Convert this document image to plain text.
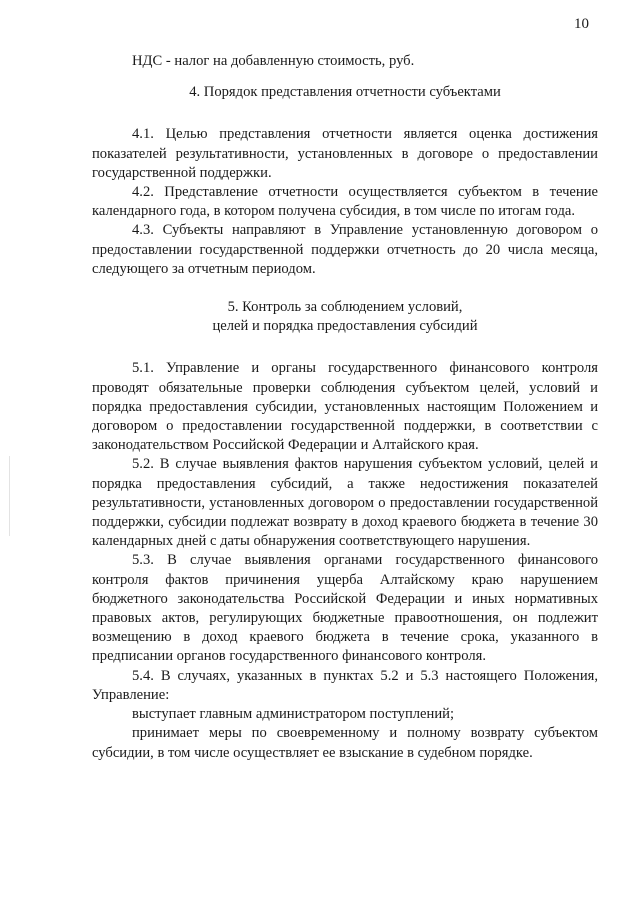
10
НДС - налог на добавленную стоимость, руб.
4. Порядок представления отчетности субъектами

4.1. Целью представления отчетности является оценка достижения показателей результативности, установленных в договоре о предоставлении государственной поддержки.

4.2. Представление отчетности осуществляется субъектом в течение календарного года, в котором получена субсидия, в том числе по итогам года.

4.3. Субъекты направляют в Управление установленную договором о предоставлении государственной поддержки отчетность до 20 числа месяца, следующего за отчетным периодом.

5. Контроль за соблюдением условий,
целей и порядка предоставления субсидий

5.1. Управление и органы государственного финансового контроля проводят обязательные проверки соблюдения субъектом целей, условий и порядка предоставления субсидии, установленных настоящим Положением и договором о предоставлении государственной поддержки, в соответствии с законодательством Российской Федерации и Алтайского края.

5.2. В случае выявления фактов нарушения субъектом условий, целей и порядка предоставления субсидий, а также недостижения показателей результативности, установленных договором о предоставлении государственной поддержки, субсидии подлежат возврату в доход краевого бюджета в течение 30 календарных дней с даты обнаружения соответствующего нарушения.

5.3. В случае выявления органами государственного финансового контроля фактов причинения ущерба Алтайскому краю нарушением бюджетного законодательства Российской Федерации и иных нормативных правовых актов, регулирующих бюджетные правоотношения, он подлежит возмещению в доход краевого бюджета в течение срока, указанного в предписании органов государственного финансового контроля.

5.4. В случаях, указанных в пунктах 5.2 и 5.3 настоящего Положения, Управление:

выступает главным администратором поступлений;

принимает меры по своевременному и полному возврату субъектом субсидии, в том числе осуществляет ее взыскание в судебном порядке.
